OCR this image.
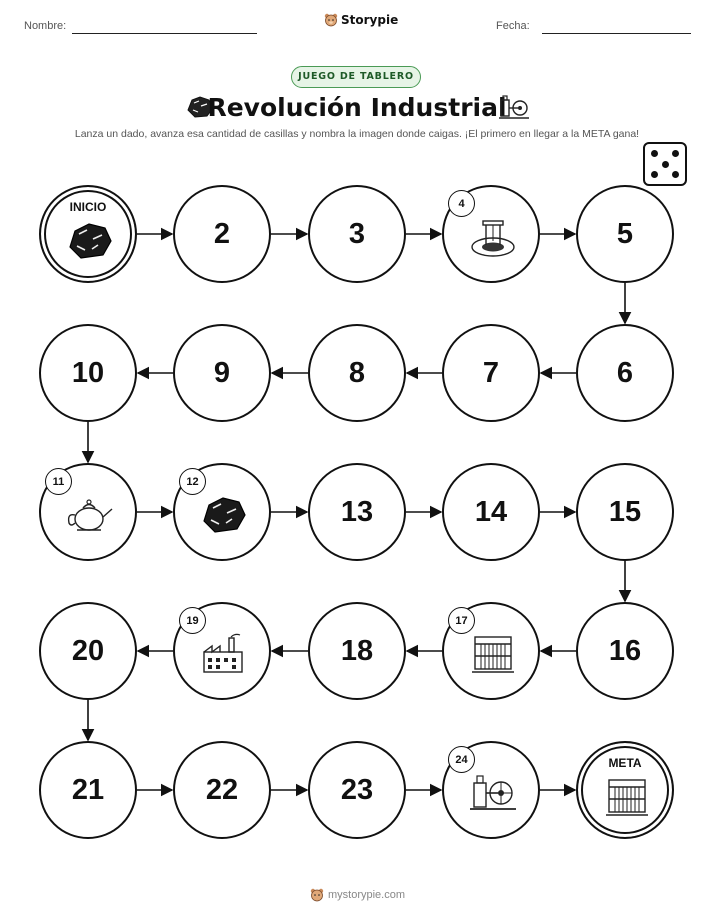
Nombre:	Storypie	Fecha:
JUEGO DE TABLERO
Revolución Industrial
Lanza un dado, avanza esa cantidad de casillas y nombra la imagen donde caigas. ¡El primero en llegar a la META gana!
INICIO
2	3
4
5
6
7
8
9
10
11	12
13	14	15
16
17
18
19
20
21	22	23
24	META
mystorypie.com
